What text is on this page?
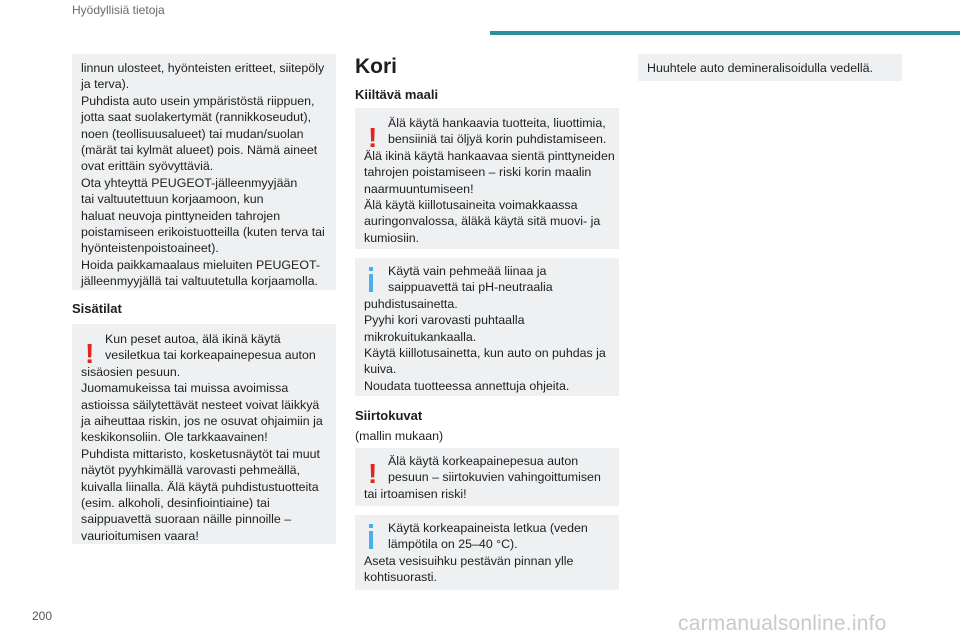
Hyödyllisiä tietoja
linnun ulosteet, hyönteisten eritteet, siitepöly
ja terva).
Puhdista auto usein ympäristöstä riippuen,
jotta saat suolakertymät (rannikkoseudut),
noen (teollisuusalueet) tai mudan/suolan
(märät tai kylmät alueet) pois. Nämä aineet
ovat erittäin syövyttäviä.
Ota yhteyttä PEUGEOT-jälleenmyyjään
tai valtuutettuun korjaamoon, kun
haluat neuvoja pinttyneiden tahrojen
poistamiseen erikoistuotteilla (kuten terva tai
hyönteistenpoistoaineet).
Hoida paikkamaalaus mieluiten PEUGEOT-
jälleenmyyjällä tai valtuutetulla korjaamolla.
Sisätilat
! Kun peset autoa, älä ikinä käytä
vesiletkua tai korkeapainepesua auton
sisäosien pesuun.
Juomamukeissa tai muissa avoimissa
astioissa säilytettävät nesteet voivat läikkyä
ja aiheuttaa riskin, jos ne osuvat ohjaimiin ja
keskikonsoliin. Ole tarkkaavainen!
Puhdista mittaristo, kosketusnäytöt tai muut
näytöt pyyhkimällä varovasti pehmeällä,
kuivalla liinalla. Älä käytä puhdistustuotteita
(esim. alkoholi, desinfiointiaine) tai
saippuavettä suoraan näille pinnoille –
vaurioitumisen vaara!
Kori
Kiiltävä maali
! Älä käytä hankaavia tuotteita, liuottimia,
bensiiniä tai öljyä korin puhdistamiseen.
Älä ikinä käytä hankaavaa sientä pinttyneiden
tahrojen poistamiseen – riski korin maalin
naarmuuntumiseen!
Älä käytä kiillotusaineita voimakkaassa
auringonvalossa, äläkä käytä sitä muovi- ja
kumiosiin.
Käytä vain pehmeää liinaa ja
saippuavettä tai pH-neutraalia
puhdistusainetta.
Pyyhi kori varovasti puhtaalla
mikrokuitukankaalla.
Käytä kiillotusainetta, kun auto on puhdas ja
kuiva.
Noudata tuotteessa annettuja ohjeita.
Siirtokuvat
(mallin mukaan)
! Älä käytä korkeapainepesua auton
pesuun – siirtokuvien vahingoittumisen
tai irtoamisen riski!
Käytä korkeapaineista letkua (veden
lämpötila on 25–40 °C).
Aseta vesisuihku pestävän pinnan ylle
kohtisuorasti.
Huuhtele auto demineralisoidulla vedellä.
200	carmanualsonline.info
